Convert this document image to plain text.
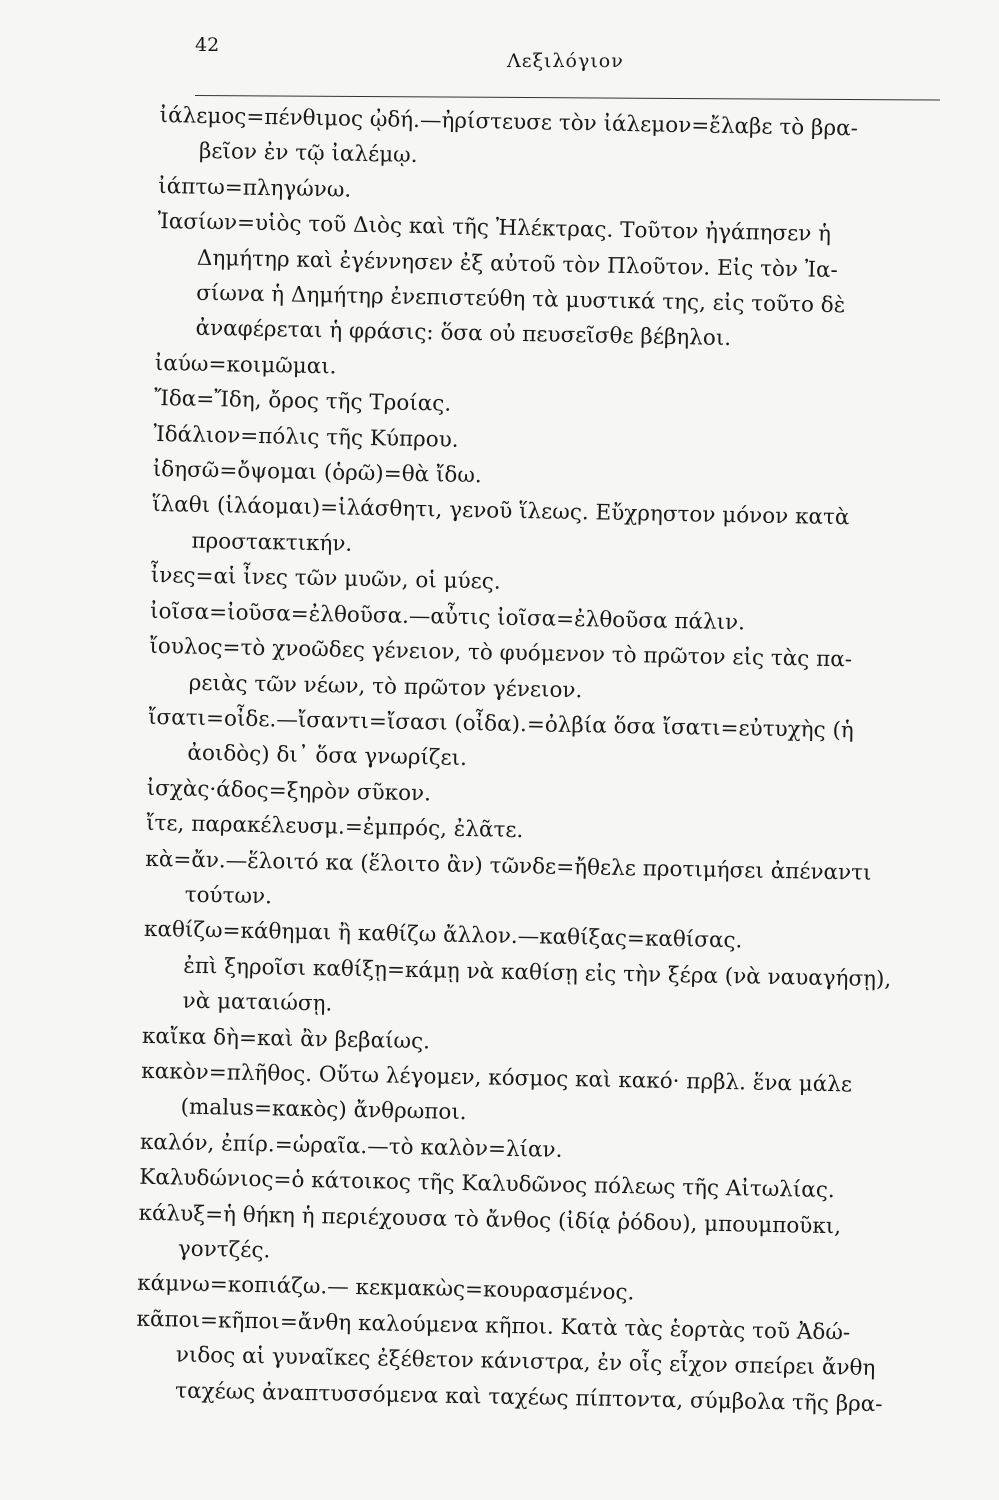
42
Λεξιλόγιον

ἰάλεμος=πένθιμος ᾠδή.—ἠρίστευσε τὸν ἰάλεμον=ἔλαβε τὸ βρα-
βεῖον ἐν τῷ ἰαλέμῳ.

ἰάπτω=πληγώνω.

Ἰασίων=υἱὸς τοῦ Διὸς καὶ τῆς Ἠλέκτρας. Τοῦτον ἠγάπησεν ἡ
Δημήτηρ καὶ ἐγέννησεν ἐξ αὐτοῦ τὸν Πλοῦτον. Εἰς τὸν Ἰα-
σίωνα ἡ Δημήτηρ ἐνεπιστεύθη τὰ μυστικά της, εἰς τοῦτο δὲ
ἀναφέρεται ἡ φράσις: ὅσα οὐ πευσεῖσθε βέβηλοι.

ἰαύω=κοιμῶμαι.

Ἴδα=Ἴδη, ὄρος τῆς Τροίας.

Ἰδάλιον=πόλις τῆς Κύπρου.

ἰδησῶ=ὄψομαι (ὁρῶ)=θὰ ἴδω.

ἵλαθι (ἱλάομαι)=ἱλάσθητι, γενοῦ ἵλεως. Εὔχρηστον μόνον κατὰ
προστακτικήν.

ἶνες=αἱ ἶνες τῶν μυῶν, οἱ μύες.

ἰοῖσα=ἰοῦσα=ἐλθοῦσα.—αὖτις ἰοῖσα=ἐλθοῦσα πάλιν.

ἴουλος=τὸ χνοῶδες γένειον, τὸ φυόμενον τὸ πρῶτον εἰς τὰς πα-
ρειὰς τῶν νέων, τὸ πρῶτον γένειον.

ἴσατι=οἶδε.—ἴσαντι=ἴσασι (οἶδα).=ὀλβία ὅσα ἴσατι=εὐτυχὴς (ἡ
ἀοιδὸς) δι᾽ ὅσα γνωρίζει.

ἰσχὰς·άδος=ξηρὸν σῦκον.

ἴτε, παρακέλευσμ.=ἐμπρός, ἐλᾶτε.

κὰ=ἄν.—ἕλοιτό κα (ἕλοιτο ἂν) τῶνδε=ἤθελε προτιμήσει ἀπέναντι
τούτων.

καθίζω=κάθημαι ἢ καθίζω ἄλλον.—καθίξας=καθίσας.
ἐπὶ ξηροῖσι καθίξῃ=κάμῃ νὰ καθίσῃ εἰς τὴν ξέρα (νὰ ναυαγήσῃ),
νὰ ματαιώσῃ.

καἴκα δὴ=καὶ ἂν βεβαίως.

κακὸν=πλῆθος. Οὕτω λέγομεν, κόσμος καὶ κακό· πρβλ. ἕνα μάλε
(malus=κακὸς) ἄνθρωποι.

καλόν, ἐπίρ.=ὡραῖα.—τὸ καλὸν=λίαν.

Καλυδώνιος=ὁ κάτοικος τῆς Καλυδῶνος πόλεως τῆς Αἰτωλίας.

κάλυξ=ἡ θήκη ἡ περιέχουσα τὸ ἄνθος (ἰδίᾳ ῥόδου), μπουμποῦκι,
γοντζές.

κάμνω=κοπιάζω.— κεκμακὼς=κουρασμένος.

κᾶποι=κῆποι=ἄνθη καλούμενα κῆποι. Κατὰ τὰς ἑορτὰς τοῦ Ἀδώ-
νιδος αἱ γυναῖκες ἐξέθετον κάνιστρα, ἐν οἷς εἶχον σπείρει ἄνθη
ταχέως ἀναπτυσσόμενα καὶ ταχέως πίπτοντα, σύμβολα τῆς βρα-
